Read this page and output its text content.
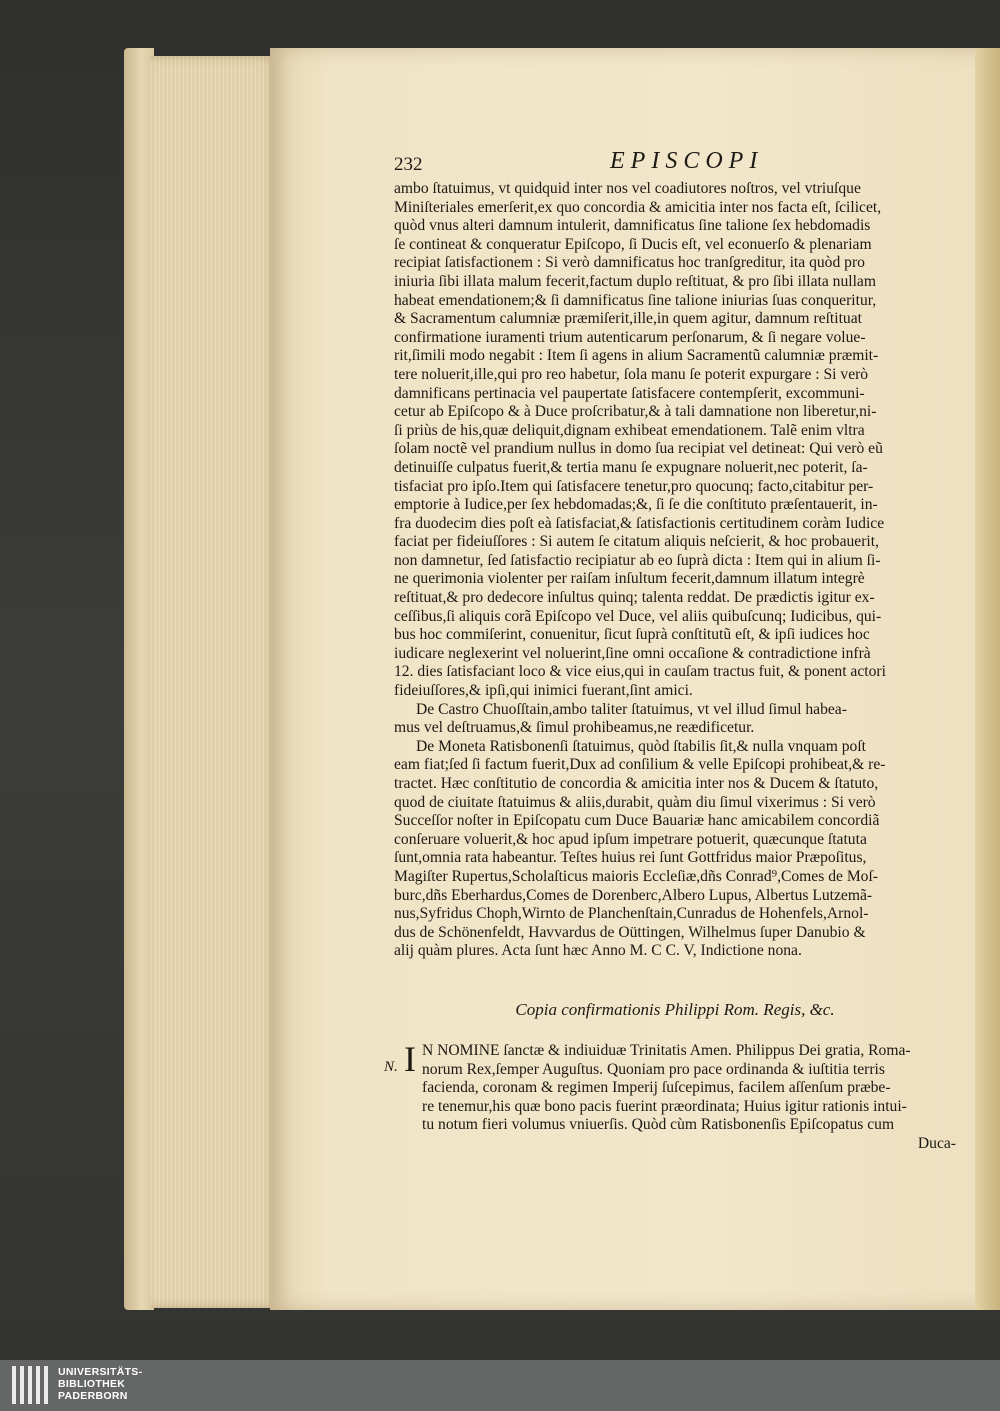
232	EPISCOPI
ambo ſtatuimus, vt quidquid inter nos vel coadiutores noſtros, vel vtriuſque
Miniſteriales emerſerit,ex quo concordia & amicitia inter nos facta eſt, ſcilicet,
quòd vnus alteri damnum intulerit, damnificatus ſine talione ſex hebdomadis
ſe contineat & conqueratur Epiſcopo, ſi Ducis eſt, vel econuerſo & plenariam
recipiat ſatisfactionem : Si verò damnificatus hoc tranſgreditur, ita quòd pro
iniuria ſibi illata malum fecerit,factum duplo reſtituat, & pro ſibi illata nullam
habeat emendationem;& ſi damnificatus ſine talione iniurias ſuas conqueritur,
& Sacramentum calumniæ præmiſerit,ille,in quem agitur, damnum reſtituat
confirmatione iuramenti trium autenticarum perſonarum, & ſi negare volue-
rit,ſimili modo negabit : Item ſi agens in alium Sacramentũ calumniæ præmit-
tere noluerit,ille,qui pro reo habetur, ſola manu ſe poterit expurgare : Si verò
damnificans pertinacia vel paupertate ſatisfacere contempſerit, excommuni-
cetur ab Epiſcopo & à Duce proſcribatur,& à tali damnatione non liberetur,ni-
ſi priùs de his,quæ deliquit,dignam exhibeat emendationem. Talẽ enim vltra
ſolam noctẽ vel prandium nullus in domo ſua recipiat vel detineat: Qui verò eũ
detinuiſſe culpatus fuerit,& tertia manu ſe expugnare noluerit,nec poterit, ſa-
tisfaciat pro ipſo.Item qui ſatisfacere tenetur,pro quocunq; facto,citabitur per-
emptorie à Iudice,per ſex hebdomadas;&, ſi ſe die conſtituto præſentauerit, in-
fra duodecim dies poſt eà ſatisfaciat,& ſatisfactionis certitudinem coràm Iudice
faciat per fideiuſſores : Si autem ſe citatum aliquis neſcierit, & hoc probauerit,
non damnetur, ſed ſatisfactio recipiatur ab eo ſuprà dicta : Item qui in alium ſi-
ne querimonia violenter per raiſam inſultum fecerit,damnum illatum integrè
reſtituat,& pro dedecore inſultus quinq; talenta reddat. De prædictis igitur ex-
ceſſibus,ſi aliquis corã Epiſcopo vel Duce, vel aliis quibuſcunq; Iudicibus, qui-
bus hoc commiſerint, conuenitur, ſicut ſuprà conſtitutũ eſt, & ipſi iudices hoc
iudicare neglexerint vel noluerint,ſine omni occaſione & contradictione infrà
12. dies ſatisfaciant loco & vice eius,qui in cauſam tractus fuit, & ponent actori
fideiuſſores,& ipſi,qui inimici fuerant,ſint amici.
De Castro Chuoſſtain,ambo taliter ſtatuimus, vt vel illud ſimul habea-
mus vel deſtruamus,& ſimul prohibeamus,ne reædificetur.
De Moneta Ratisbonenſi ſtatuimus, quòd ſtabilis ſit,& nulla vnquam poſt
eam fiat;ſed ſi factum fuerit,Dux ad conſilium & velle Epiſcopi prohibeat,& re-
tractet. Hæc conſtitutio de concordia & amicitia inter nos & Ducem & ſtatuto,
quod de ciuitate ſtatuimus & aliis,durabit, quàm diu ſimul vixerimus : Si verò
Succeſſor noſter in Epiſcopatu cum Duce Bauariæ hanc amicabilem concordiã
conſeruare voluerit,& hoc apud ipſum impetrare potuerit, quæcunque ſtatuta
ſunt,omnia rata habeantur. Teſtes huius rei ſunt Gottfridus maior Præpoſitus,
Magiſter Rupertus,Scholaſticus maioris Eccleſiæ,dñs Conrad⁹,Comes de Moſ-
burc,dñs Eberhardus,Comes de Dorenberc,Albero Lupus, Albertus Lutzemã-
nus,Syfridus Choph,Wirnto de Planchenſtain,Cunradus de Hohenfels,Arnol-
dus de Schönenfeldt, Havvardus de Oüttingen, Wilhelmus ſuper Danubio &
alij quàm plures. Acta ſunt hæc Anno M. C C. V, Indictione nona.
Copia confirmationis Philippi Rom. Regis, &c.
N. I N NOMINE ſanctæ & indiuiduæ Trinitatis Amen. Philippus Dei gratia, Roma-
norum Rex,ſemper Auguſtus. Quoniam pro pace ordinanda & iuſtitia terris
facienda, coronam & regimen Imperij ſuſcepimus, facilem aſſenſum præbe-
re tenemur,his quæ bono pacis fuerint præordinata; Huius igitur rationis intui-
tu notum fieri volumus vniuerſis. Quòd cùm Ratisbonenſis Epiſcopatus cum
Duca-
UNIVERSITÄTS-
BIBLIOTHEK
PADERBORN
